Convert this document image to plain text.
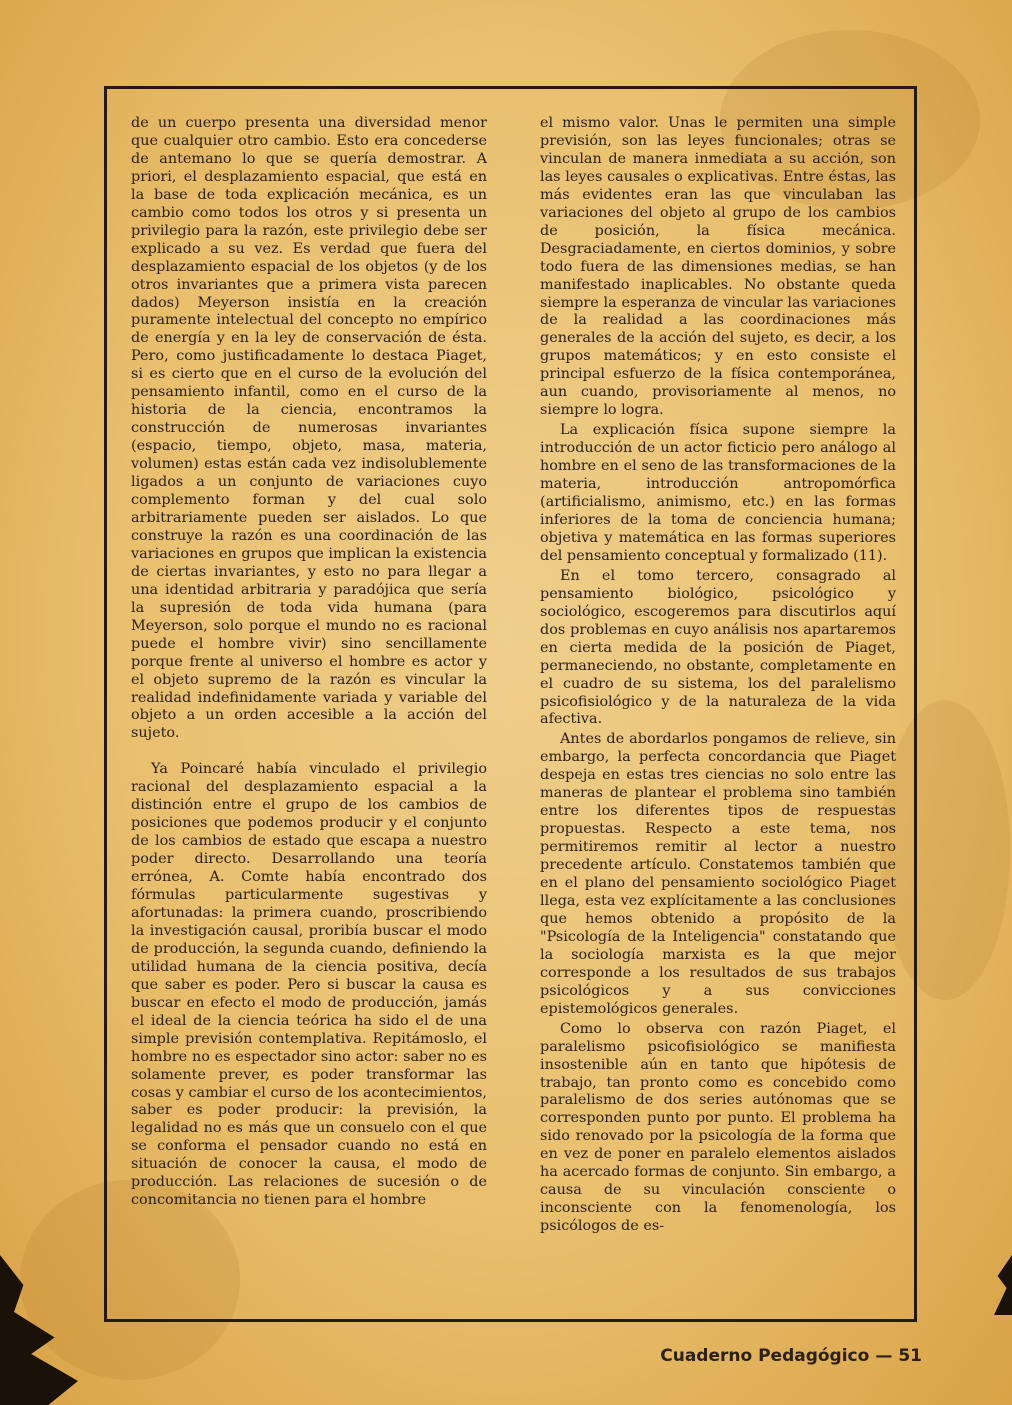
de un cuerpo presenta una diversidad menor que cualquier otro cambio. Esto era concederse de antemano lo que se quería demostrar. A priori, el desplazamiento espacial, que está en la base de toda explicación mecánica, es un cambio como todos los otros y si presenta un privilegio para la razón, este privilegio debe ser explicado a su vez. Es verdad que fuera del desplazamiento espacial de los objetos (y de los otros invariantes que a primera vista parecen dados) Meyerson insistía en la creación puramente intelectual del concepto no empírico de energía y en la ley de conservación de ésta. Pero, como justificadamente lo destaca Piaget, si es cierto que en el curso de la evolución del pensamiento infantil, como en el curso de la historia de la ciencia, encontramos la construcción de numerosas invariantes (espacio, tiempo, objeto, masa, materia, volumen) estas están cada vez indisolublemente ligados a un conjunto de variaciones cuyo complemento forman y del cual solo arbitrariamente pueden ser aislados. Lo que construye la razón es una coordinación de las variaciones en grupos que implican la existencia de ciertas invariantes, y esto no para llegar a una identidad arbitraria y paradójica que sería la supresión de toda vida humana (para Meyerson, solo porque el mundo no es racional puede el hombre vivir) sino sencillamente porque frente al universo el hombre es actor y el objeto supremo de la razón es vincular la realidad indefinidamente variada y variable del objeto a un orden accesible a la acción del sujeto.

Ya Poincaré había vinculado el privilegio racional del desplazamiento espacial a la distinción entre el grupo de los cambios de posiciones que podemos producir y el conjunto de los cambios de estado que escapa a nuestro poder directo. Desarrollando una teoría errónea, A. Comte había encontrado dos fórmulas particularmente sugestivas y afortunadas: la primera cuando, proscribiendo la investigación causal, proribía buscar el modo de producción, la segunda cuando, definiendo la utilidad humana de la ciencia positiva, decía que saber es poder. Pero si buscar la causa es buscar en efecto el modo de producción, jamás el ideal de la ciencia teórica ha sido el de una simple previsión contemplativa. Repitámoslo, el hombre no es espectador sino actor: saber no es solamente prever, es poder transformar las cosas y cambiar el curso de los acontecimientos, saber es poder producir: la previsión, la legalidad no es más que un consuelo con el que se conforma el pensador cuando no está en situación de conocer la causa, el modo de producción. Las relaciones de sucesión o de concomitancia no tienen para el hombre

el mismo valor. Unas le permiten una simple previsión, son las leyes funcionales; otras se vinculan de manera inmediata a su acción, son las leyes causales o explicativas. Entre éstas, las más evidentes eran las que vinculaban las variaciones del objeto al grupo de los cambios de posición, la física mecánica. Desgraciadamente, en ciertos dominios, y sobre todo fuera de las dimensiones medias, se han manifestado inaplicables. No obstante queda siempre la esperanza de vincular las variaciones de la realidad a las coordinaciones más generales de la acción del sujeto, es decir, a los grupos matemáticos; y en esto consiste el principal esfuerzo de la física contemporánea, aun cuando, provisoriamente al menos, no siempre lo logra.

La explicación física supone siempre la introducción de un actor ficticio pero análogo al hombre en el seno de las transformaciones de la materia, introducción antropomórfica (artificialismo, animismo, etc.) en las formas inferiores de la toma de conciencia humana; objetiva y matemática en las formas superiores del pensamiento conceptual y formalizado (11).

En el tomo tercero, consagrado al pensamiento biológico, psicológico y sociológico, escogeremos para discutirlos aquí dos problemas en cuyo análisis nos apartaremos en cierta medida de la posición de Piaget, permaneciendo, no obstante, completamente en el cuadro de su sistema, los del paralelismo psicofisiológico y de la naturaleza de la vida afectiva.

Antes de abordarlos pongamos de relieve, sin embargo, la perfecta concordancia que Piaget despeja en estas tres ciencias no solo entre las maneras de plantear el problema sino también entre los diferentes tipos de respuestas propuestas. Respecto a este tema, nos permitiremos remitir al lector a nuestro precedente artículo. Constatemos también que en el plano del pensamiento sociológico Piaget llega, esta vez explícitamente a las conclusiones que hemos obtenido a propósito de la "Psicología de la Inteligencia" constatando que la sociología marxista es la que mejor corresponde a los resultados de sus trabajos psicológicos y a sus convicciones epistemológicos generales.

Como lo observa con razón Piaget, el paralelismo psicofisiológico se manifiesta insostenible aún en tanto que hipótesis de trabajo, tan pronto como es concebido como paralelismo de dos series autónomas que se corresponden punto por punto. El problema ha sido renovado por la psicología de la forma que en vez de poner en paralelo elementos aislados ha acercado formas de conjunto. Sin embargo, a causa de su vinculación consciente o inconsciente con la fenomenología, los psicólogos de es-

Cuaderno Pedagógico — 51
